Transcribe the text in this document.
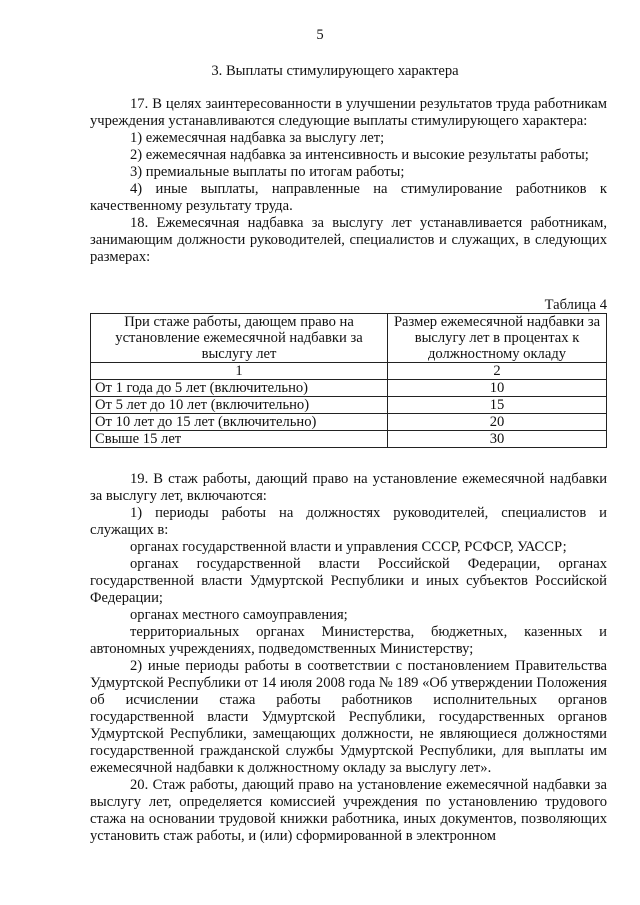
5
3. Выплаты стимулирующего характера

17. В целях заинтересованности в улучшении результатов труда работникам учреждения устанавливаются следующие выплаты стимулирующего характера:

1) ежемесячная надбавка за выслугу лет;

2) ежемесячная надбавка за интенсивность и высокие результаты работы;

3) премиальные выплаты по итогам работы;

4) иные выплаты, направленные на стимулирование работников к качественному результату труда.

18. Ежемесячная надбавка за выслугу лет устанавливается работникам, занимающим должности руководителей, специалистов и служащих, в следующих размерах:

Таблица 4
При стаже работы, дающем право на установление ежемесячной надбавки за выслугу лет	Размер ежемесячной надбавки за выслугу лет в процентах к должностному окладу
1	2
От 1 года до 5 лет (включительно)	10
От 5 лет до 10 лет (включительно)	15
От 10 лет до 15 лет (включительно)	20
Свыше 15 лет	30

19. В стаж работы, дающий право на установление ежемесячной надбавки за выслугу лет, включаются:

1) периоды работы на должностях руководителей, специалистов и служащих в:

органах государственной власти и управления СССР, РСФСР, УАССР;

органах государственной власти Российской Федерации, органах государственной власти Удмуртской Республики и иных субъектов Российской Федерации;

органах местного самоуправления;

территориальных органах Министерства, бюджетных, казенных и автономных учреждениях, подведомственных Министерству;

2) иные периоды работы в соответствии с постановлением Правительства Удмуртской Республики от 14 июля 2008 года № 189 «Об утверждении Положения об исчислении стажа работы работников исполнительных органов государственной власти Удмуртской Республики, государственных органов Удмуртской Республики, замещающих должности, не являющиеся должностями государственной гражданской службы Удмуртской Республики, для выплаты им ежемесячной надбавки к должностному окладу за выслугу лет».

20. Стаж работы, дающий право на установление ежемесячной надбавки за выслугу лет, определяется комиссией учреждения по установлению трудового стажа на основании трудовой книжки работника, иных документов, позволяющих установить стаж работы, и (или) сформированной в электронном
